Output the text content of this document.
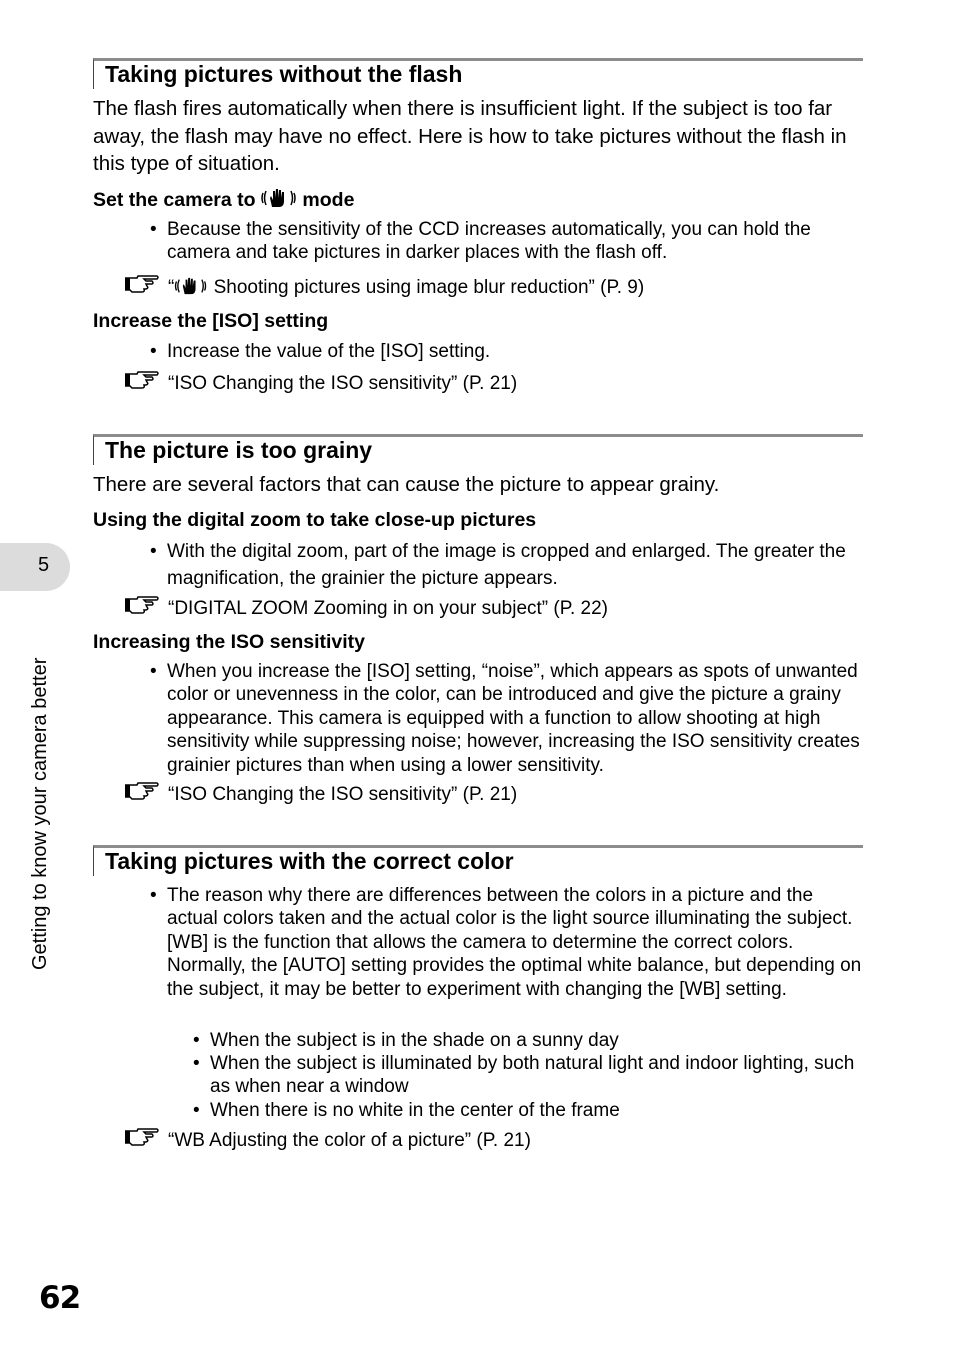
Taking pictures without the flash
The flash fires automatically when there is insufficient light. If the subject is too far away, the flash may have no effect. Here is how to take pictures without the flash in this type of situation.
Set the camera to mode
• Because the sensitivity of the CCD increases automatically, you can hold the camera and take pictures in darker places with the flash off.
“ Shooting pictures using image blur reduction” (P. 9)
Increase the [ISO] setting
• Increase the value of the [ISO] setting.
“ISO Changing the ISO sensitivity” (P. 21)
The picture is too grainy
There are several factors that can cause the picture to appear grainy.
Using the digital zoom to take close-up pictures
• With the digital zoom, part of the image is cropped and enlarged. The greater the magnification, the grainier the picture appears.
“DIGITAL ZOOM Zooming in on your subject” (P. 22)
Increasing the ISO sensitivity
• When you increase the [ISO] setting, “noise”, which appears as spots of unwanted color or unevenness in the color, can be introduced and give the picture a grainy appearance. This camera is equipped with a function to allow shooting at high sensitivity while suppressing noise; however, increasing the ISO sensitivity creates grainier pictures than when using a lower sensitivity.
“ISO Changing the ISO sensitivity” (P. 21)
Taking pictures with the correct color
• The reason why there are differences between the colors in a picture and the actual colors taken and the actual color is the light source illuminating the subject. [WB] is the function that allows the camera to determine the correct colors. Normally, the [AUTO] setting provides the optimal white balance, but depending on the subject, it may be better to experiment with changing the [WB] setting.
• When the subject is in the shade on a sunny day
• When the subject is illuminated by both natural light and indoor lighting, such as when near a window
• When there is no white in the center of the frame
“WB Adjusting the color of a picture” (P. 21)
5
Getting to know your camera better
62
